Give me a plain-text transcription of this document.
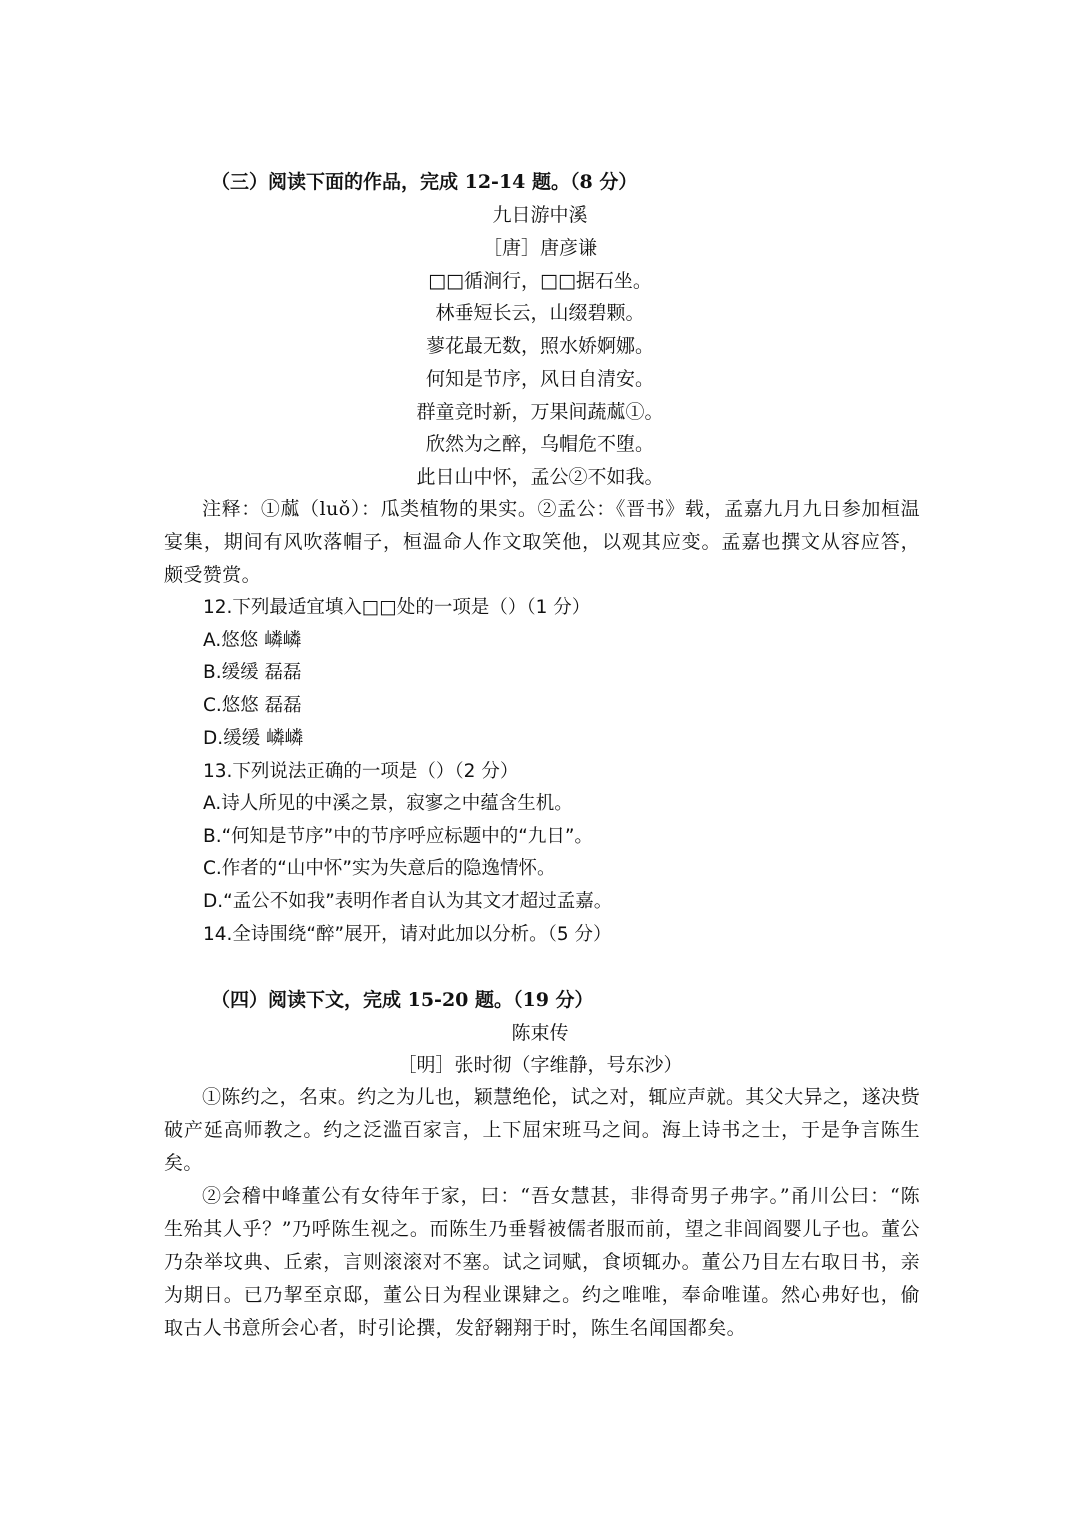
（三）阅读下面的作品，完成 12-14 题。（8 分）
九日游中溪
［唐］唐彦谦
□□循涧行，□□据石坐。
林垂短长云，山缀碧颗。
蓼花最无数，照水娇婀娜。
何知是节序，风日自清安。
群童竞时新，万果间蔬蓏①。
欣然为之醉，乌帽危不堕。
此日山中怀，孟公②不如我。
注释：①蓏（luǒ）：瓜类植物的果实。②孟公：《晋书》载，孟嘉九月九日参加桓温宴集，期间有风吹落帽子，桓温命人作文取笑他，以观其应变。孟嘉也撰文从容应答，颇受赞赏。
12.下列最适宜填入□□处的一项是（）（1 分）
A.悠悠 嶙嶙
B.缓缓 磊磊
C.悠悠 磊磊
D.缓缓 嶙嶙
13.下列说法正确的一项是（）（2 分）
A.诗人所见的中溪之景，寂寥之中蕴含生机。
B.“何知是节序”中的节序呼应标题中的“九日”。
C.作者的“山中怀”实为失意后的隐逸情怀。
D.“孟公不如我”表明作者自认为其文才超过孟嘉。
14.全诗围绕“醉”展开，请对此加以分析。（5 分）
（四）阅读下文，完成 15-20 题。（19 分）
陈束传
［明］张时彻（字维静，号东沙）
①陈约之，名束。约之为儿也，颖慧绝伦，试之对，辄应声就。其父大异之，遂决赀破产延高师教之。约之泛滥百家言，上下屈宋班马之间。海上诗书之士，于是争言陈生矣。
②会稽中峰董公有女待年于家，曰：“吾女慧甚，非得奇男子弗字。”甬川公曰：“陈生殆其人乎？”乃呼陈生视之。而陈生乃垂髫被儒者服而前，望之非闾阎婴儿子也。董公乃杂举坟典、丘索，言则滚滚对不塞。试之词赋，食顷辄办。董公乃目左右取日书，亲为期日。已乃挈至京邸，董公日为程业课肄之。约之唯唯，奉命唯谨。然心弗好也，偷取古人书意所会心者，时引论撰，发舒翱翔于时，陈生名闻国都矣。
